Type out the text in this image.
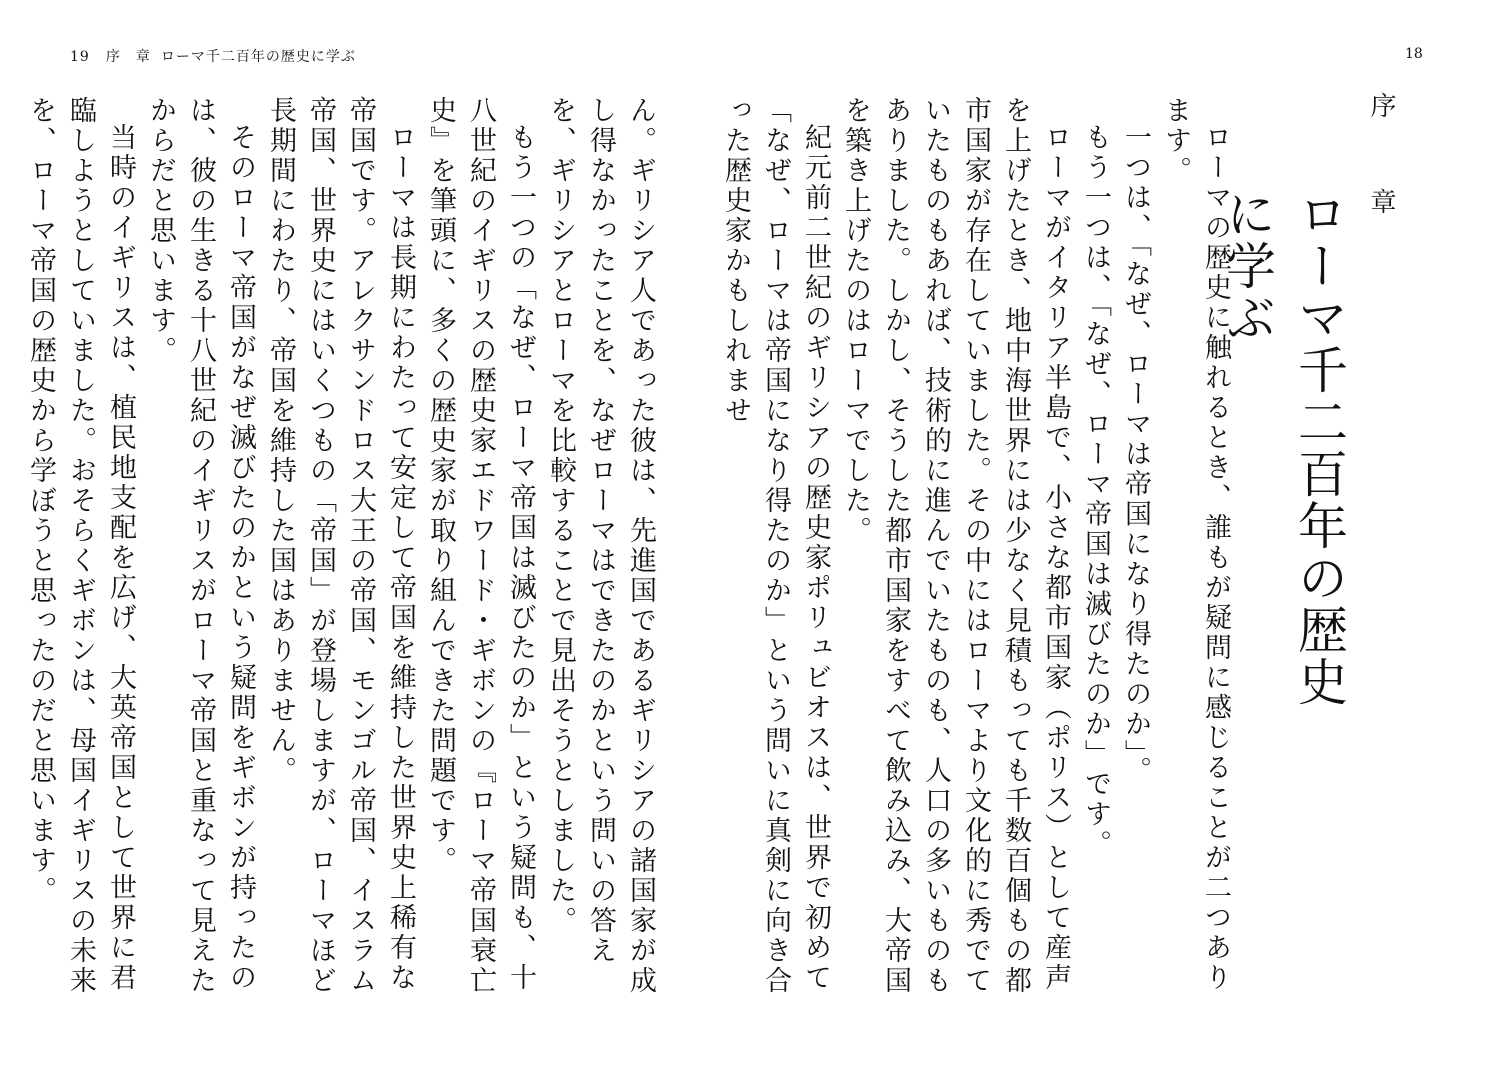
19 序　章 ローマ千二百年の歴史に学ぶ

ん。ギリシア人であった彼は、先進国であるギリシアの諸国家が成し得なかったことを、なぜローマはできたのかという問いの答えを、ギリシアとローマを比較することで見出そうとしました。

もう一つの「なぜ、ローマ帝国は滅びたのか」という疑問も、十八世紀のイギリスの歴史家エドワード・ギボンの『ローマ帝国衰亡史』を筆頭に、多くの歴史家が取り組んできた問題です。

ローマは長期にわたって安定して帝国を維持した世界史上稀有な帝国です。アレクサンドロス大王の帝国、モンゴル帝国、イスラム帝国、世界史にはいくつもの「帝国」が登場しますが、ローマほど長期間にわたり、帝国を維持した国はありません。

そのローマ帝国がなぜ滅びたのかという疑問をギボンが持ったのは、彼の生きる十八世紀のイギリスがローマ帝国と重なって見えたからだと思います。

当時のイギリスは、植民地支配を広げ、大英帝国として世界に君臨しようとしていました。おそらくギボンは、母国イギリスの未来を、ローマ帝国の歴史から学ぼうと思ったのだと思います。

18
序　章
ローマ千二百年の歴史に学ぶ

ローマの歴史に触れるとき、誰もが疑問に感じることが二つあります。

一つは、「なぜ、ローマは帝国になり得たのか」。

もう一つは、「なぜ、ローマ帝国は滅びたのか」です。

ローマがイタリア半島で、小さな都市国家（ポリス）として産声を上げたとき、地中海世界には少なく見積もっても千数百個もの都市国家が存在していました。その中にはローマより文化的に秀でていたものもあれば、技術的に進んでいたものも、人口の多いものもありました。しかし、そうした都市国家をすべて飲み込み、大帝国を築き上げたのはローマでした。

紀元前二世紀のギリシアの歴史家ポリュビオスは、世界で初めて「なぜ、ローマは帝国になり得たのか」という問いに真剣に向き合った歴史家かもしれませ
